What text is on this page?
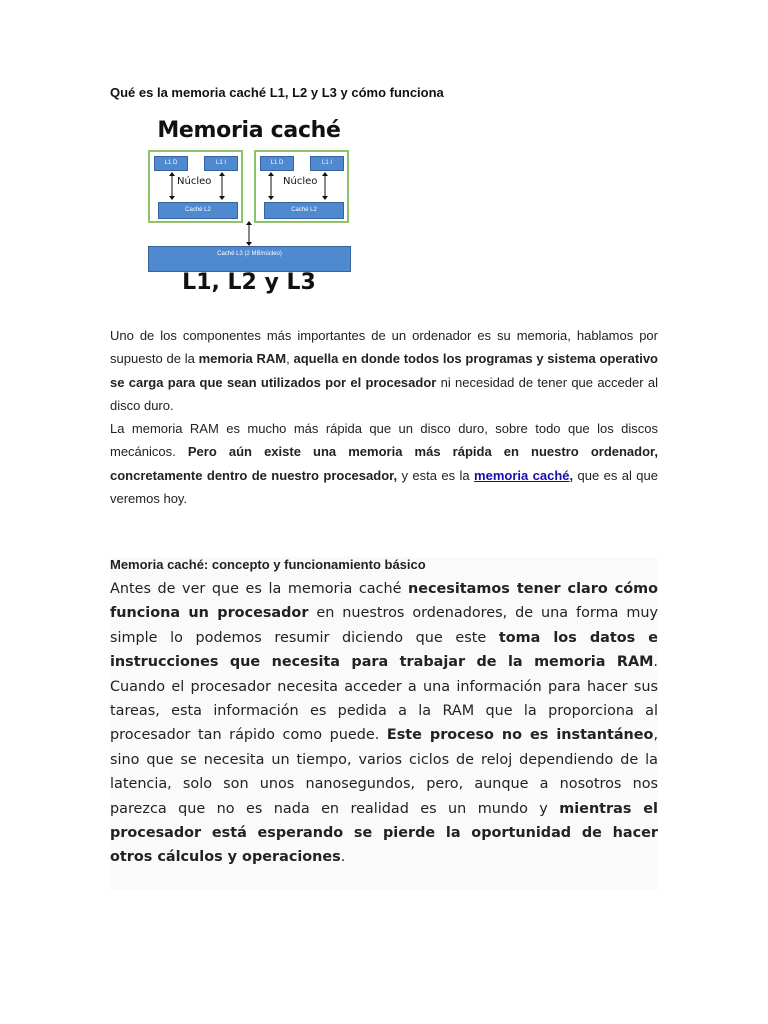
Qué es la memoria caché L1, L2 y L3 y cómo funciona
Memoria caché
L1 D	L1 I
Núcleo
Caché L2
L1 D	L1 I
Núcleo
Caché L2
Caché L3 (2 MB/núcleo)
L1, L2 y L3

Uno de los componentes más importantes de un ordenador es su memoria, hablamos por supuesto de la memoria RAM, aquella en donde todos los programas y sistema operativo se carga para que sean utilizados por el procesador ni necesidad de tener que acceder al disco duro.

La memoria RAM es mucho más rápida que un disco duro, sobre todo que los discos mecánicos. Pero aún existe una memoria más rápida en nuestro ordenador, concretamente dentro de nuestro procesador, y esta es la memoria caché, que es al que veremos hoy.

Memoria caché: concepto y funcionamiento básico

Antes de ver que es la memoria caché necesitamos tener claro cómo funciona un procesador en nuestros ordenadores, de una forma muy simple lo podemos resumir diciendo que este toma los datos e instrucciones que necesita para trabajar de la memoria RAM. Cuando el procesador necesita acceder a una información para hacer sus tareas, esta información es pedida a la RAM que la proporciona al procesador tan rápido como puede. Este proceso no es instantáneo, sino que se necesita un tiempo, varios ciclos de reloj dependiendo de la latencia, solo son unos nanosegundos, pero, aunque a nosotros nos parezca que no es nada en realidad es un mundo y mientras el procesador está esperando se pierde la oportunidad de hacer otros cálculos y operaciones.
